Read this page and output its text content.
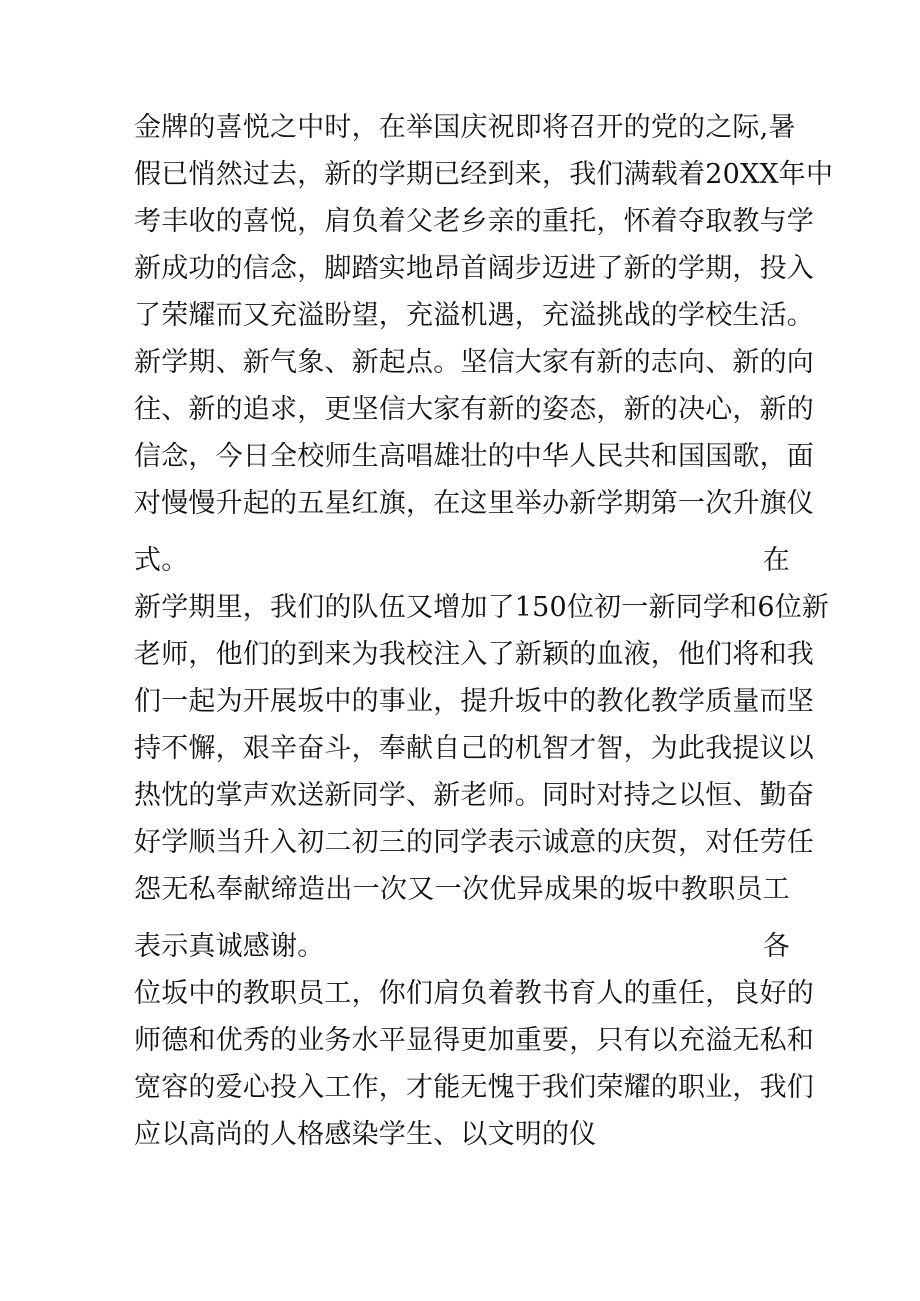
金牌的喜悦之中时，在举国庆祝即将召开的党的之际,暑
假已悄然过去，新的学期已经到来，我们满载着20XX年中
考丰收的喜悦，肩负着父老乡亲的重托，怀着夺取教与学
新成功的信念，脚踏实地昂首阔步迈进了新的学期，投入
了荣耀而又充溢盼望，充溢机遇，充溢挑战的学校生活。
新学期、新气象、新起点。坚信大家有新的志向、新的向
往、新的追求，更坚信大家有新的姿态，新的决心，新的
信念，今日全校师生高唱雄壮的中华人民共和国国歌，面
对慢慢升起的五星红旗，在这里举办新学期第一次升旗仪
式。	在
新学期里，我们的队伍又增加了150位初一新同学和6位新
老师，他们的到来为我校注入了新颖的血液，他们将和我
们一起为开展坂中的事业，提升坂中的教化教学质量而坚
持不懈，艰辛奋斗，奉献自己的机智才智，为此我提议以
热忱的掌声欢送新同学、新老师。同时对持之以恒、勤奋
好学顺当升入初二初三的同学表示诚意的庆贺，对任劳任
怨无私奉献缔造出一次又一次优异成果的坂中教职员工
表示真诚感谢。	各
位坂中的教职员工，你们肩负着教书育人的重任，良好的
师德和优秀的业务水平显得更加重要，只有以充溢无私和
宽容的爱心投入工作，才能无愧于我们荣耀的职业，我们
应以高尚的人格感染学生、以文明的仪
